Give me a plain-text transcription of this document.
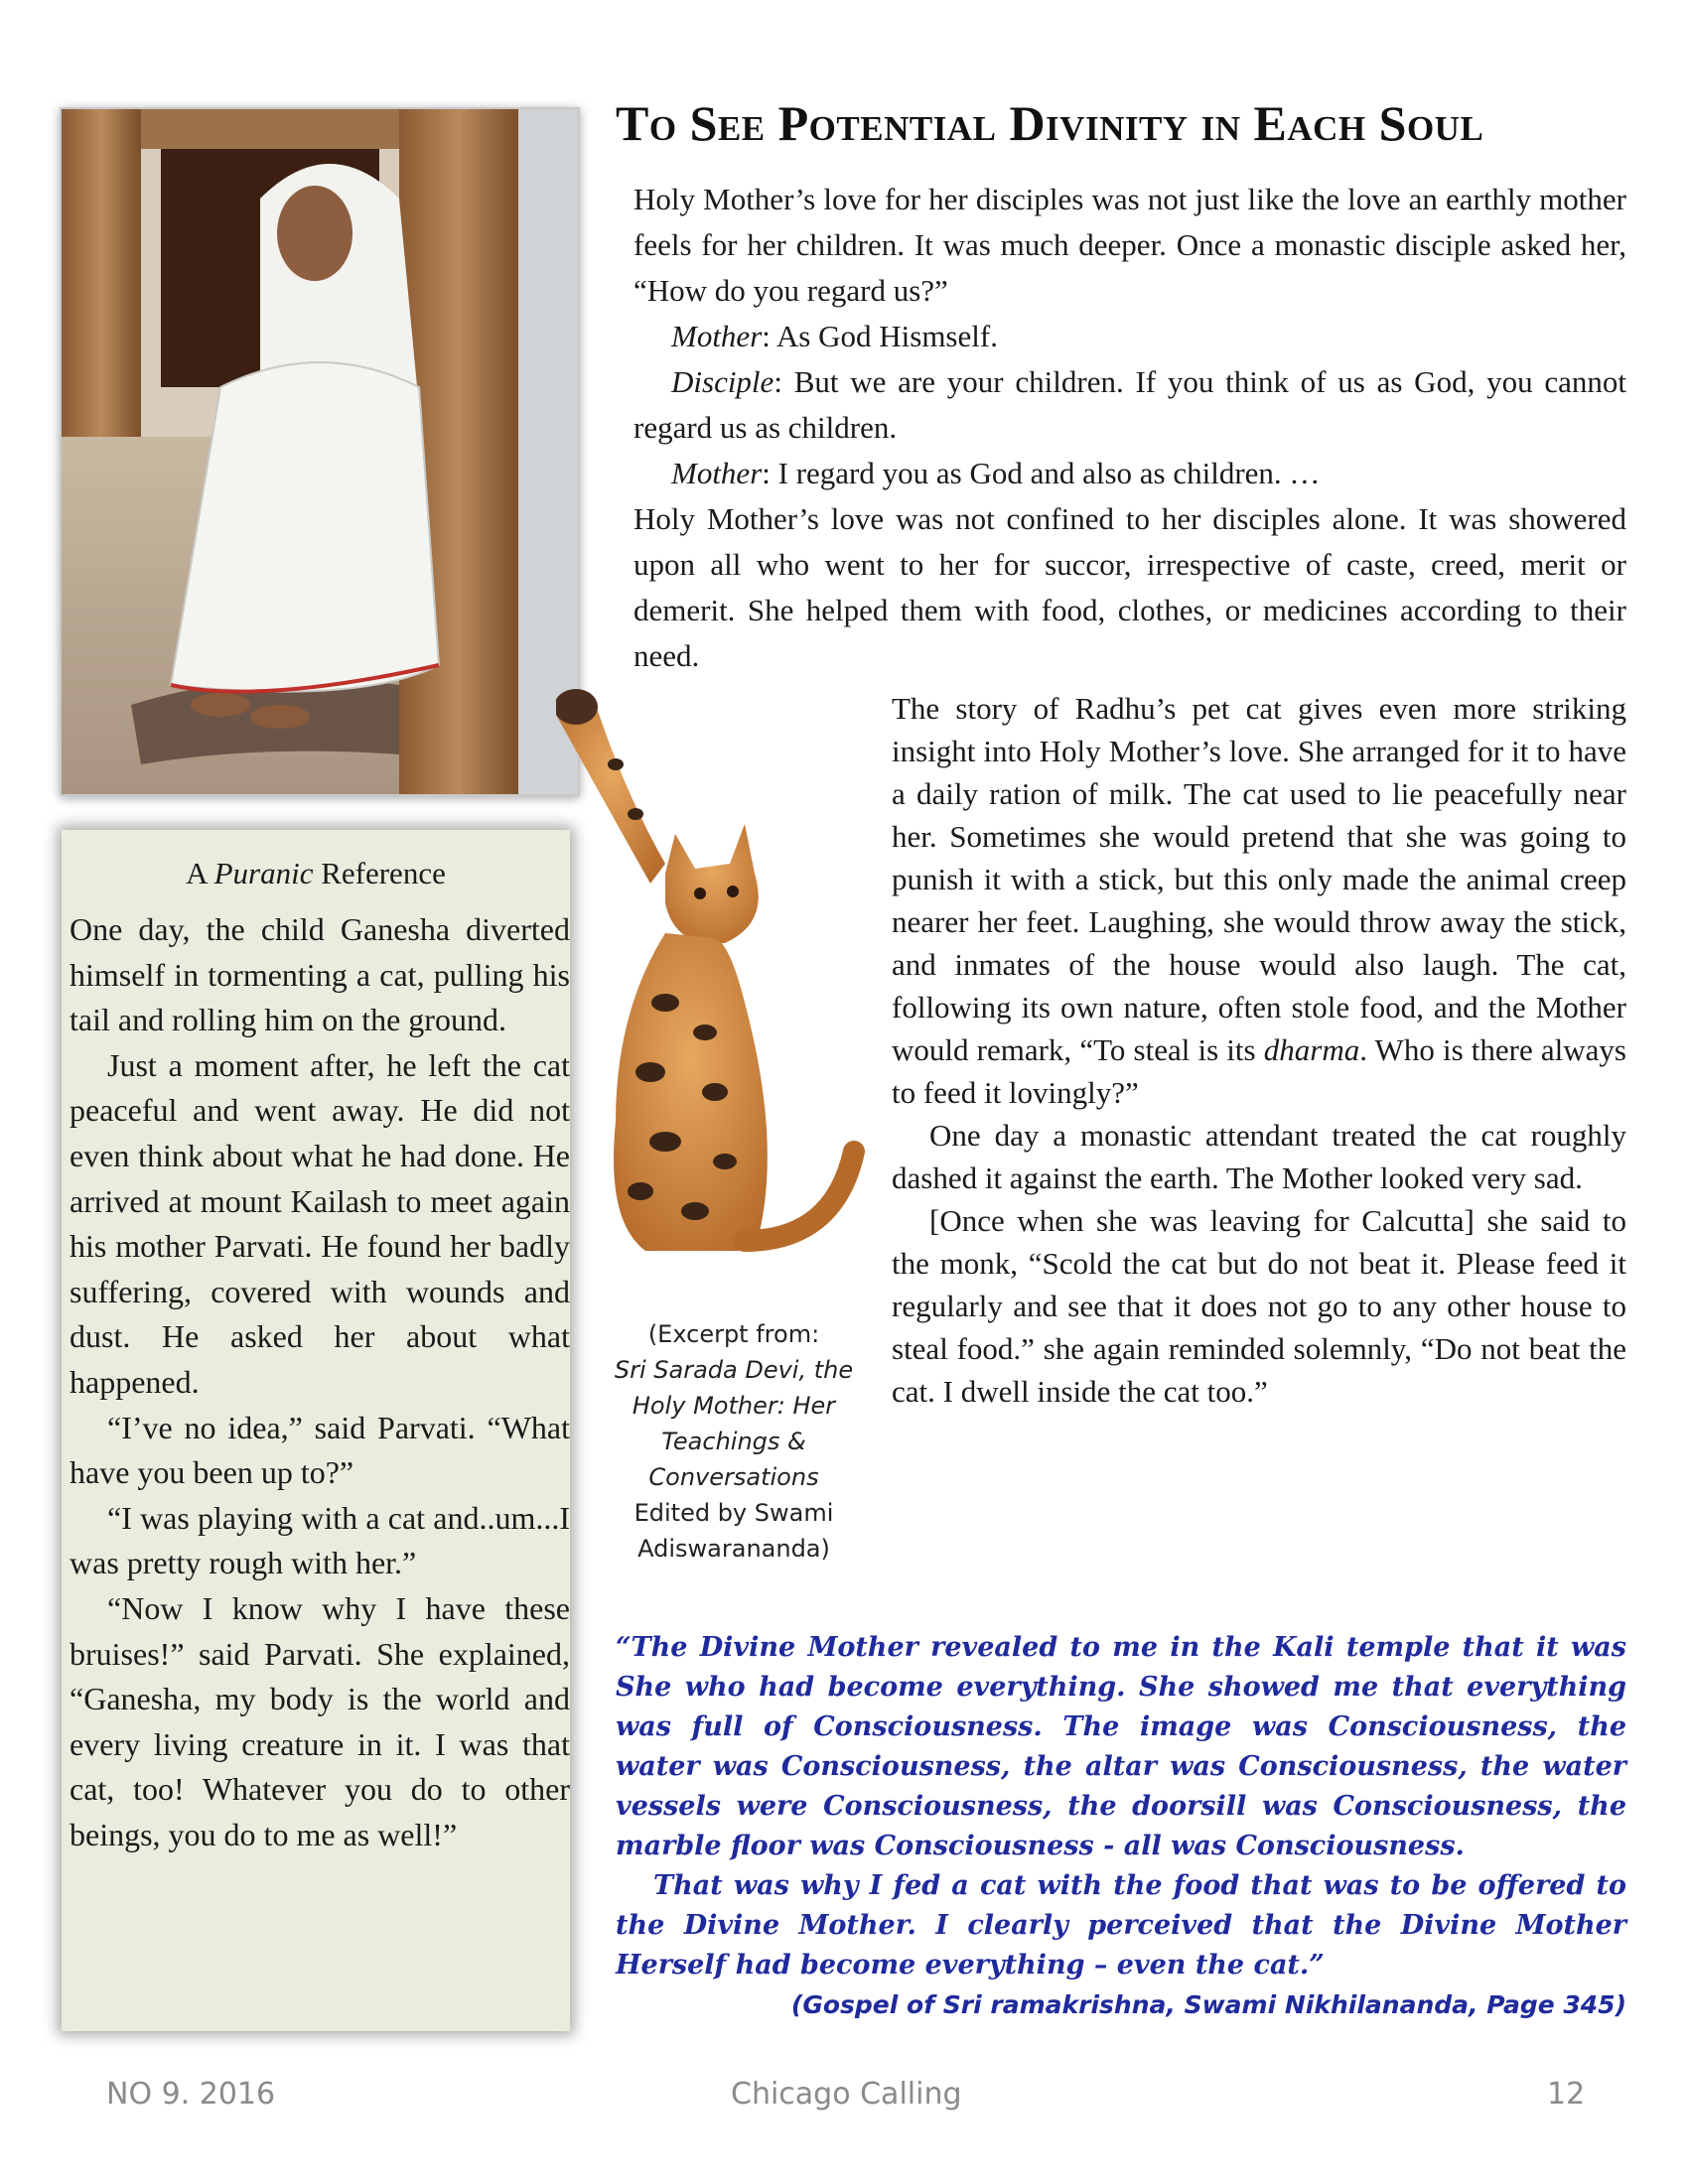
To See Potential Divinity in Each Soul

Holy Mother’s love for her disciples was not just like the love an earthly mother feels for her children. It was much deeper. Once a monastic disciple asked her, “How do you regard us?”

Mother: As God Hismself.

Disciple: But we are your children. If you think of us as God, you cannot regard us as children.

Mother: I regard you as God and also as children. …

Holy Mother’s love was not confined to her disciples alone. It was showered upon all who went to her for succor, irrespective of caste, creed, merit or demerit. She helped them with food, clothes, or medicines according to their need.

A Puranic Reference

One day, the child Ganesha diverted himself in tormenting a cat, pulling his tail and rolling him on the ground.

Just a moment after, he left the cat peaceful and went away. He did not even think about what he had done. He arrived at mount Kailash to meet again his mother Parvati. He found her badly suffering, covered with wounds and dust. He asked her about what happened.

“I’ve no idea,” said Parvati. “What have you been up to?”

“I was playing with a cat and..um...I was pretty rough with her.”

“Now I know why I have these bruises!” said Parvati. She explained, “Ganesha, my body is the world and every living creature in it. I was that cat, too! Whatever you do to other beings, you do to me as well!”

(Excerpt from:
Sri Sarada Devi, the Holy Mother: Her Teachings & Conversations
Edited by Swami Adiswarananda)

The story of Radhu’s pet cat gives even more striking insight into Holy Mother’s love. She arranged for it to have a daily ration of milk. The cat used to lie peacefully near her. Sometimes she would pretend that she was going to punish it with a stick, but this only made the animal creep nearer her feet. Laughing, she would throw away the stick, and inmates of the house would also laugh. The cat, following its own nature, often stole food, and the Mother would remark, “To steal is its dharma. Who is there always to feed it lovingly?”

One day a monastic attendant treated the cat roughly dashed it against the earth. The Mother looked very sad.

[Once when she was leaving for Calcutta] she said to the monk, “Scold the cat but do not beat it. Please feed it regularly and see that it does not go to any other house to steal food.” she again reminded solemnly, “Do not beat the cat. I dwell inside the cat too.”

“The Divine Mother revealed to me in the Kali temple that it was She who had become everything. She showed me that everything was full of Consciousness. The image was Consciousness, the water was Consciousness, the altar was Consciousness, the water vessels were Consciousness, the doorsill was Consciousness, the marble floor was Consciousness - all was Consciousness.

That was why I fed a cat with the food that was to be offered to the Divine Mother. I clearly perceived that the Divine Mother Herself had become everything – even the cat.”

(Gospel of Sri ramakrishna, Swami Nikhilananda, Page 345)

NO 9. 2016	Chicago Calling	12
